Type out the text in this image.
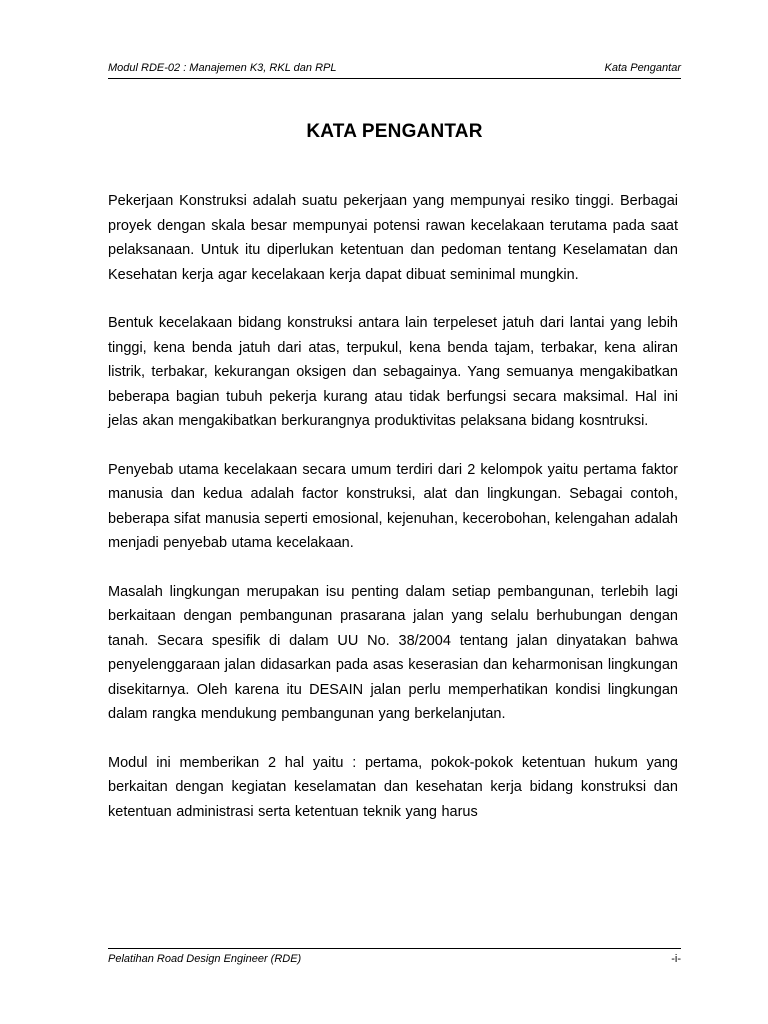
Modul RDE-02 : Manajemen K3, RKL dan RPL	Kata Pengantar
KATA PENGANTAR

Pekerjaan Konstruksi adalah suatu pekerjaan yang mempunyai resiko tinggi. Berbagai proyek dengan skala besar mempunyai potensi rawan kecelakaan terutama pada saat pelaksanaan. Untuk itu diperlukan ketentuan dan pedoman tentang Keselamatan dan Kesehatan kerja agar kecelakaan kerja dapat dibuat seminimal mungkin.

Bentuk kecelakaan bidang konstruksi antara lain terpeleset jatuh dari lantai yang lebih tinggi, kena benda jatuh dari atas, terpukul, kena benda tajam, terbakar, kena aliran listrik, terbakar, kekurangan oksigen dan sebagainya. Yang semuanya mengakibatkan beberapa bagian tubuh pekerja kurang atau tidak berfungsi secara maksimal. Hal ini jelas akan mengakibatkan berkurangnya produktivitas pelaksana bidang kosntruksi.

Penyebab utama kecelakaan secara umum terdiri dari 2 kelompok yaitu pertama faktor manusia dan kedua adalah factor konstruksi, alat dan lingkungan. Sebagai contoh, beberapa sifat manusia seperti emosional, kejenuhan, kecerobohan, kelengahan adalah menjadi penyebab utama kecelakaan.

Masalah lingkungan merupakan isu penting dalam setiap pembangunan, terlebih lagi berkaitaan dengan pembangunan prasarana jalan yang selalu berhubungan dengan tanah. Secara spesifik di dalam UU No. 38/2004 tentang jalan dinyatakan bahwa penyelenggaraan jalan didasarkan pada asas keserasian dan keharmonisan lingkungan disekitarnya. Oleh karena itu DESAIN jalan perlu memperhatikan kondisi lingkungan dalam rangka mendukung pembangunan yang berkelanjutan.

Modul ini memberikan 2 hal yaitu : pertama, pokok-pokok ketentuan hukum yang berkaitan dengan kegiatan keselamatan dan kesehatan kerja bidang konstruksi dan ketentuan administrasi serta ketentuan teknik yang harus

Pelatihan Road Design Engineer (RDE)	-i-
